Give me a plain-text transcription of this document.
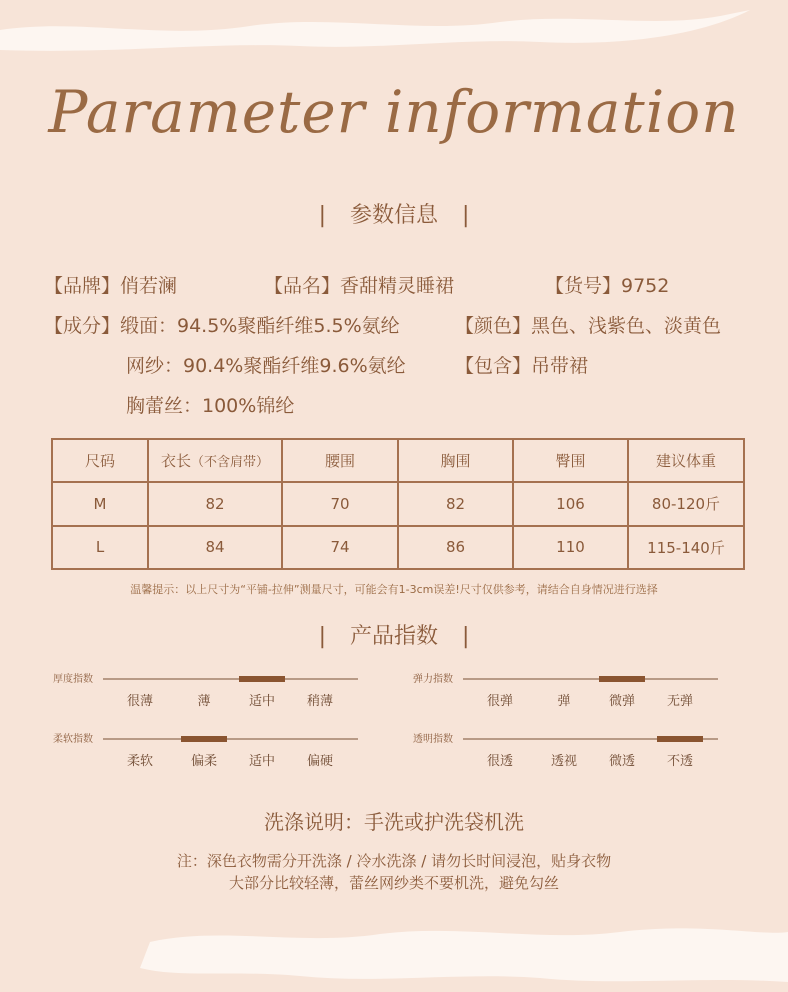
Parameter information
| 参数信息 |
【品牌】俏若澜	【品名】香甜精灵睡裙	【货号】9752
【成分】缎面：94.5%聚酯纤维5.5%氨纶	【颜色】黑色、浅紫色、淡黄色
网纱：90.4%聚酯纤维9.6%氨纶	【包含】吊带裙
胸蕾丝：100%锦纶
尺码	衣长（不含肩带）	腰围	胸围	臀围	建议体重
M	82	70	82	106	80-120斤
L	84	74	86	110	115-140斤
温馨提示：以上尺寸为“平铺-拉伸”测量尺寸，可能会有1-3cm误差!尺寸仅供参考，请结合自身情况进行选择
| 产品指数 |
厚度指数
很薄	薄	适中 稍薄
弹力指数
很弹	弹	微弹 无弹
柔软指数
柔软	偏柔 适中 偏硬
透明指数
很透	透视 微透 不透
洗涤说明：手洗或护洗袋机洗
注：深色衣物需分开洗涤 / 冷水洗涤 / 请勿长时间浸泡，贴身衣物
大部分比较轻薄，蕾丝网纱类不要机洗，避免勾丝
